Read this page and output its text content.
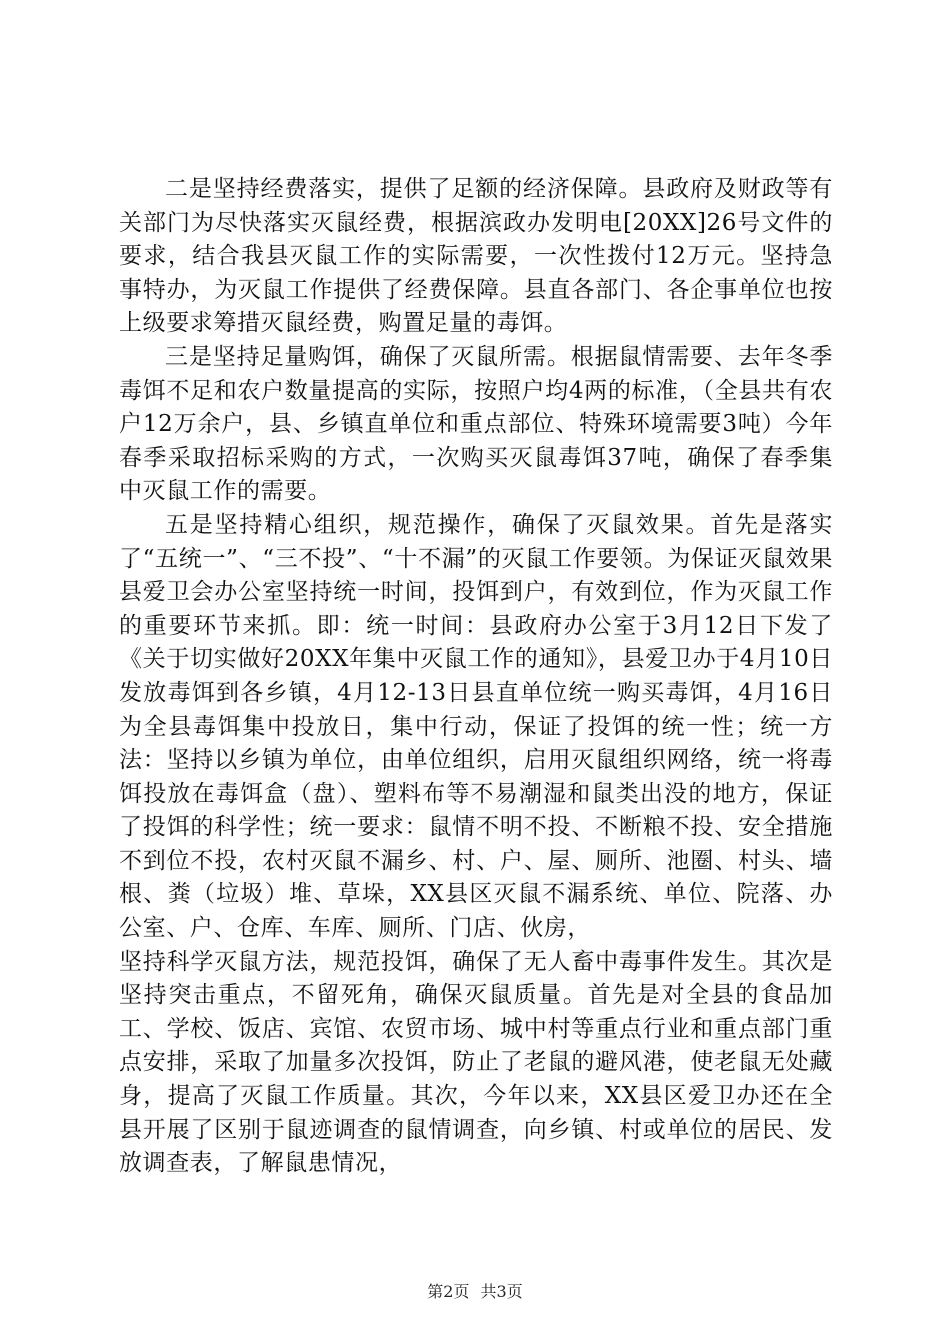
二是坚持经费落实，提供了足额的经济保障。县政府及财政等有关部门为尽快落实灭鼠经费，根据滨政办发明电[20XX]26号文件的要求，结合我县灭鼠工作的实际需要，一次性拨付12万元。坚持急事特办，为灭鼠工作提供了经费保障。县直各部门、各企事单位也按上级要求筹措灭鼠经费，购置足量的毒饵。

三是坚持足量购饵，确保了灭鼠所需。根据鼠情需要、去年冬季毒饵不足和农户数量提高的实际，按照户均4两的标准，（全县共有农户12万余户，县、乡镇直单位和重点部位、特殊环境需要3吨）今年春季采取招标采购的方式，一次购买灭鼠毒饵37吨，确保了春季集中灭鼠工作的需要。

五是坚持精心组织，规范操作，确保了灭鼠效果。首先是落实了“五统一”、“三不投”、“十不漏”的灭鼠工作要领。为保证灭鼠效果县爱卫会办公室坚持统一时间，投饵到户，有效到位，作为灭鼠工作的重要环节来抓。即：统一时间：县政府办公室于3月12日下发了《关于切实做好20XX年集中灭鼠工作的通知》，县爱卫办于4月10日发放毒饵到各乡镇，4月12-13日县直单位统一购买毒饵，4月16日为全县毒饵集中投放日，集中行动，保证了投饵的统一性；统一方法：坚持以乡镇为单位，由单位组织，启用灭鼠组织网络，统一将毒饵投放在毒饵盒（盘）、塑料布等不易潮湿和鼠类出没的地方，保证了投饵的科学性；统一要求：鼠情不明不投、不断粮不投、安全措施不到位不投，农村灭鼠不漏乡、村、户、屋、厕所、池圈、村头、墙根、粪（垃圾）堆、草垛，XX县区灭鼠不漏系统、单位、院落、办公室、户、仓库、车库、厕所、门店、伙房，

坚持科学灭鼠方法，规范投饵，确保了无人畜中毒事件发生。其次是坚持突击重点，不留死角，确保灭鼠质量。首先是对全县的食品加工、学校、饭店、宾馆、农贸市场、城中村等重点行业和重点部门重点安排，采取了加量多次投饵，防止了老鼠的避风港，使老鼠无处藏身，提高了灭鼠工作质量。其次，今年以来，XX县区爱卫办还在全县开展了区别于鼠迹调查的鼠情调查，向乡镇、村或单位的居民、发放调查表，了解鼠患情况，

第2页 共3页
